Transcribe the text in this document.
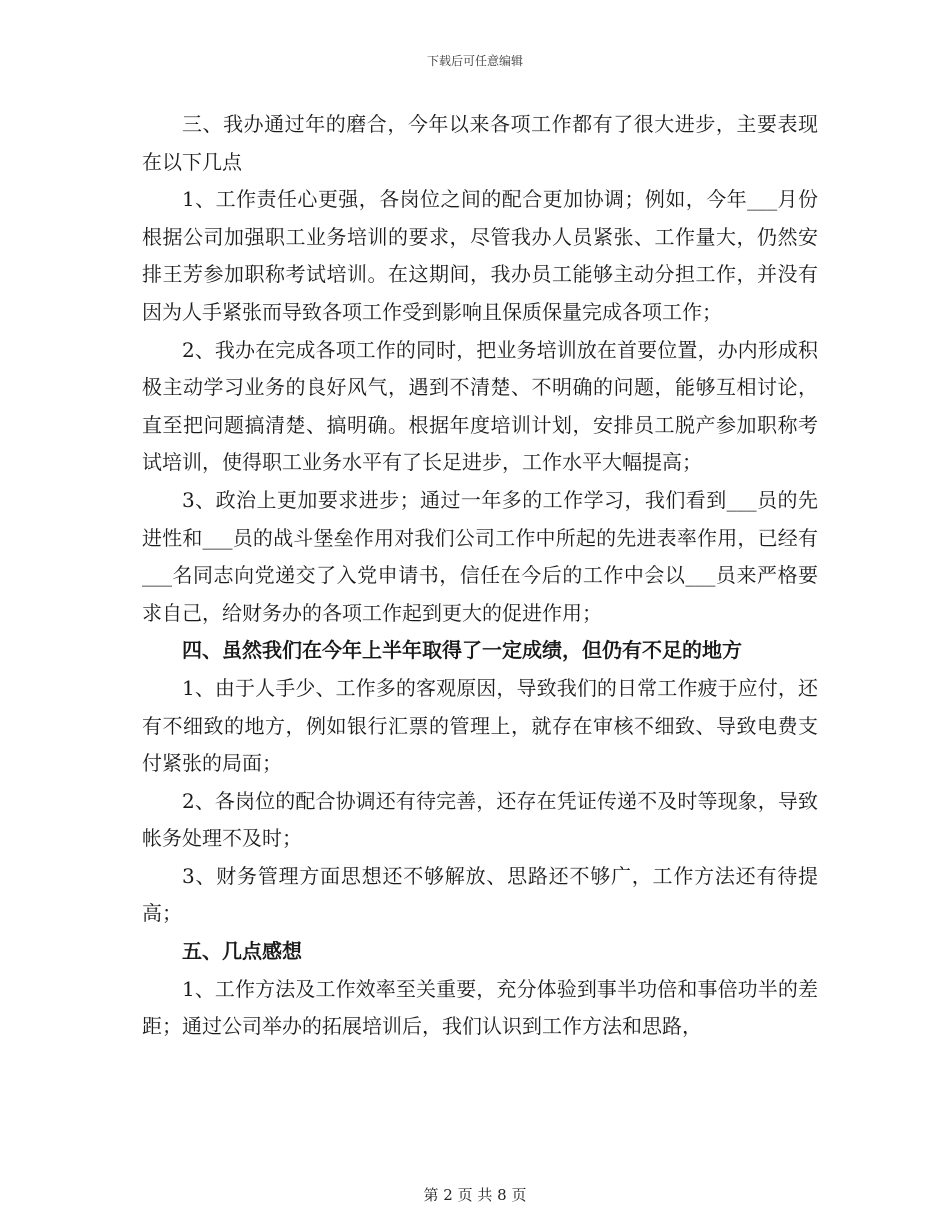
下载后可任意编辑

三、我办通过年的磨合，今年以来各项工作都有了很大进步，主要表现在以下几点

1、工作责任心更强，各岗位之间的配合更加协调；例如，今年___月份根据公司加强职工业务培训的要求，尽管我办人员紧张、工作量大，仍然安排王芳参加职称考试培训。在这期间，我办员工能够主动分担工作，并没有因为人手紧张而导致各项工作受到影响且保质保量完成各项工作；

2、我办在完成各项工作的同时，把业务培训放在首要位置，办内形成积极主动学习业务的良好风气，遇到不清楚、不明确的问题，能够互相讨论，直至把问题搞清楚、搞明确。根据年度培训计划，安排员工脱产参加职称考试培训，使得职工业务水平有了长足进步，工作水平大幅提高；

3、政治上更加要求进步；通过一年多的工作学习，我们看到___员的先进性和___员的战斗堡垒作用对我们公司工作中所起的先进表率作用，已经有___名同志向党递交了入党申请书，信任在今后的工作中会以___员来严格要求自己，给财务办的各项工作起到更大的促进作用；

四、虽然我们在今年上半年取得了一定成绩，但仍有不足的地方

1、由于人手少、工作多的客观原因，导致我们的日常工作疲于应付，还有不细致的地方，例如银行汇票的管理上，就存在审核不细致、导致电费支付紧张的局面；

2、各岗位的配合协调还有待完善，还存在凭证传递不及时等现象，导致帐务处理不及时；

3、财务管理方面思想还不够解放、思路还不够广，工作方法还有待提高；

五、几点感想

1、工作方法及工作效率至关重要，充分体验到事半功倍和事倍功半的差距；通过公司举办的拓展培训后，我们认识到工作方法和思路，

第 2 页 共 8 页
